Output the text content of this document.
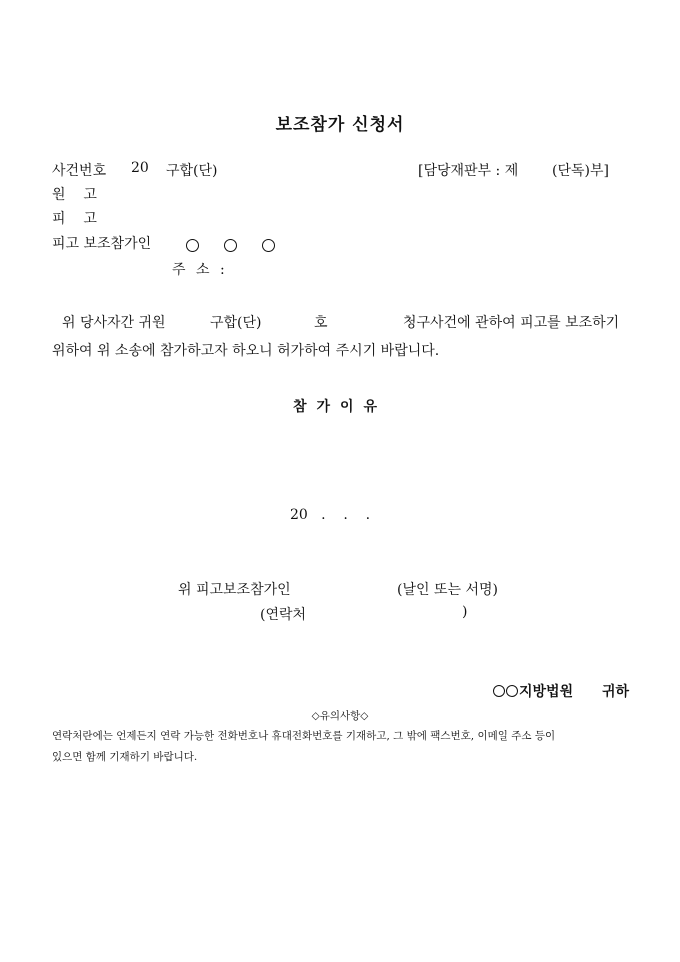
보조참가 신청서
사건번호 20 구합(단)	[담당재판부 : 제 (단독)부]
원    고
피    고
피고 보조참가인

주 소 :
위 당사자간 귀원	구합(단)	호	청구사건에 관하여 피고를 보조하기
위하여 위 소송에 참가하고자 하오니 허가하여 주시기 바랍니다.
참가이유
20   .    .    .
위 피고보조참가인	(날인 또는 서명)
(연락처	)
지방법원 귀하
◇유의사항◇
연락처란에는 언제든지 연락 가능한 전화번호나 휴대전화번호를 기재하고, 그 밖에 팩스번호, 이메일 주소 등이
있으면 함께 기재하기 바랍니다.
